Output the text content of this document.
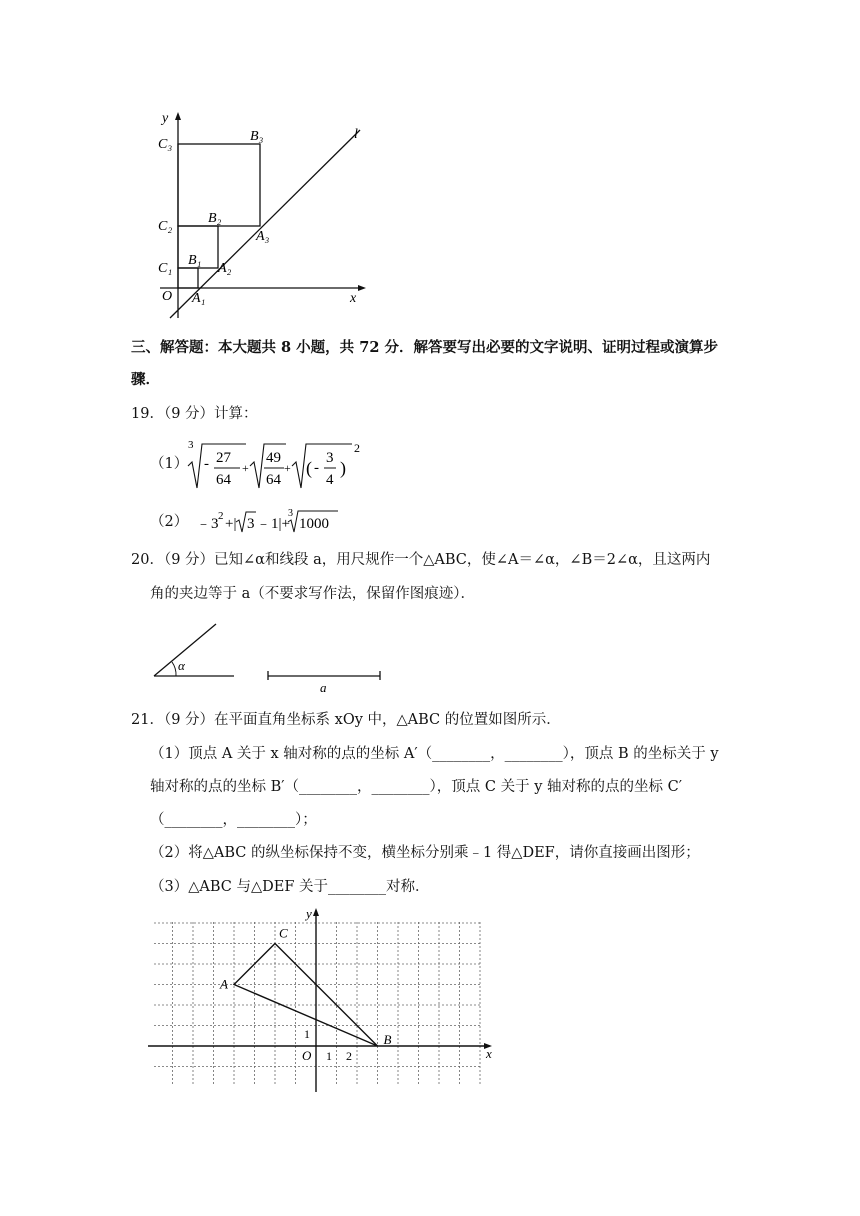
y
x
O
l
C₃
C₂
C₁
B₃
B₂
B₁
A₃
A₂
A₁
三、解答题：本大题共 8 小题，共 72 分．解答要写出必要的文字说明、证明过程或演算步
骤．
19．（9 分）计算：
（1）
3
- 27
64
+
49
64
+ ( -
3
4
)
2
（2） ﹣3 2 +| 3 ﹣1|+
3
1000
20．（9 分）已知∠α和线段 a，用尺规作一个△ABC，使∠A＝∠α，∠B＝2∠α，且这两内
角的夹边等于 a（不要求写作法，保留作图痕迹）．
α
a
21．（9 分）在平面直角坐标系 xOy 中，△ABC 的位置如图所示．
（1）顶点 A 关于 x 轴对称的点的坐标 A′（________，________），顶点 B 的坐标关于 y
轴对称的点的坐标 B′（________，________），顶点 C 关于 y 轴对称的点的坐标 C′
（________，________）；
（2）将△ABC 的纵坐标保持不变，横坐标分别乘﹣1 得△DEF，请你直接画出图形；
（3）△ABC 与△DEF 关于________对称．
x
y
O 1 2
1
A
B
C
